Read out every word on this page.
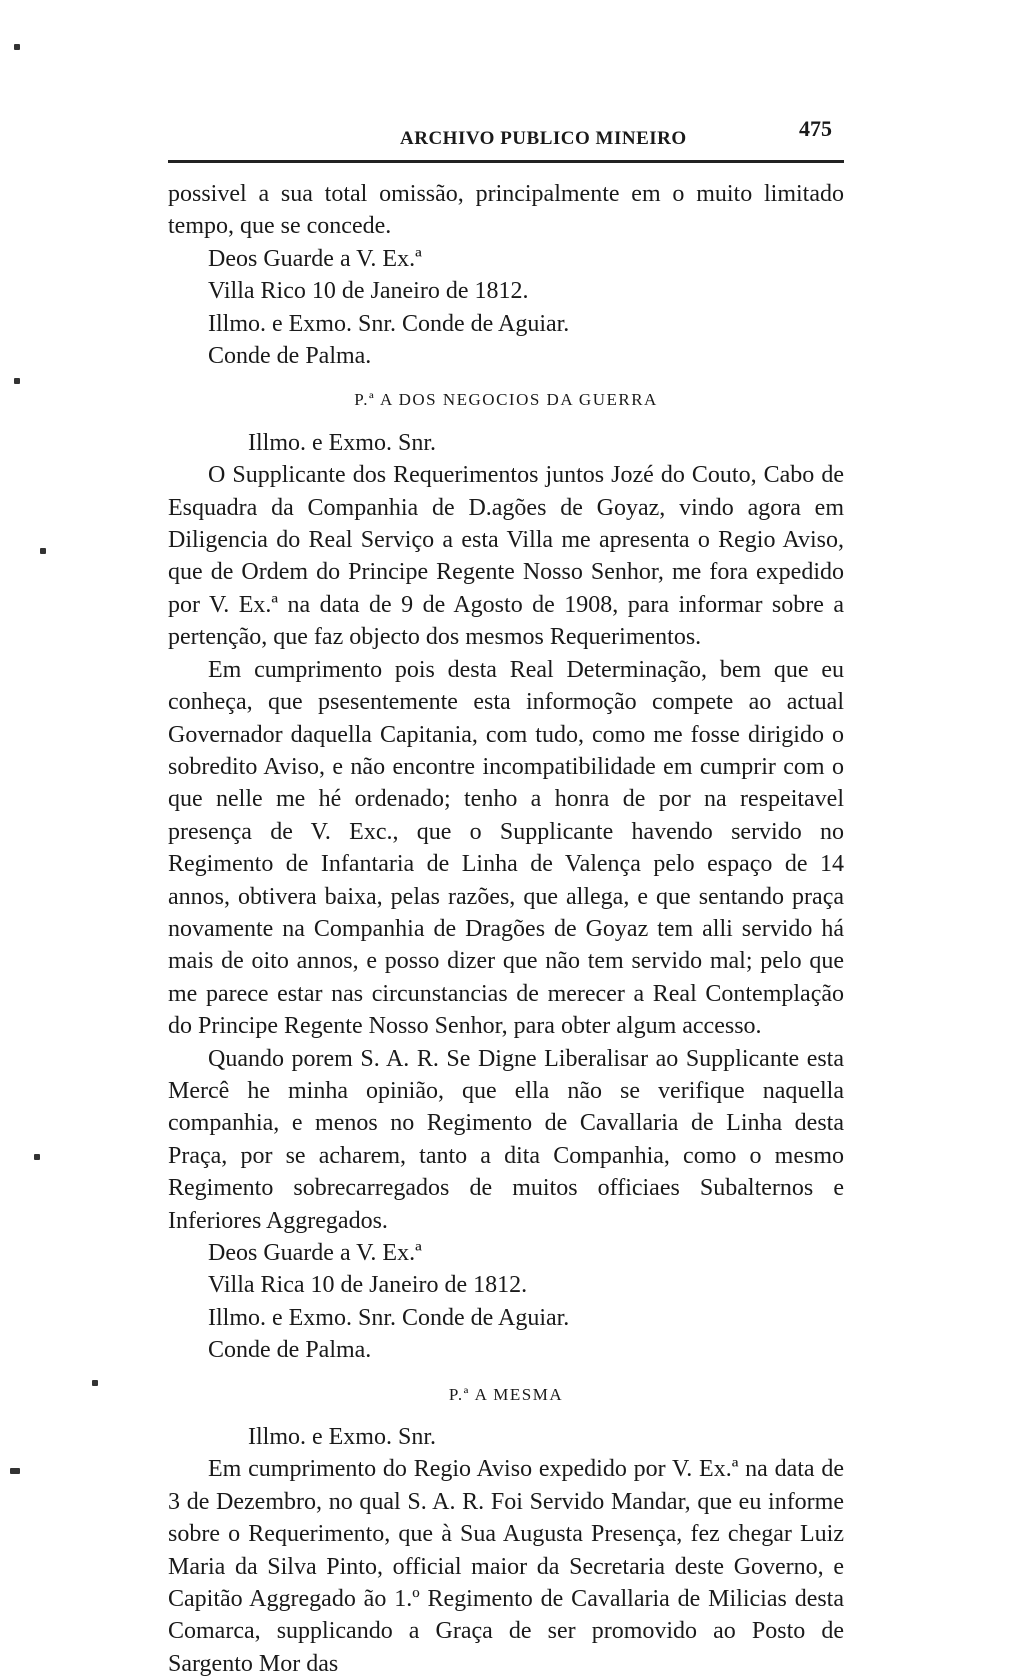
ARCHIVO PUBLICO MINEIRO	475

possivel a sua total omissão, principalmente em o muito limitado tempo, que se concede.

Deos Guarde a V. Ex.ª

Villa Rico 10 de Janeiro de 1812.

Illmo. e Exmo. Snr. Conde de Aguiar.

Conde de Palma.

P.ª A DOS NEGOCIOS DA GUERRA

Illmo. e Exmo. Snr.

O Supplicante dos Requerimentos juntos Jozé do Couto, Cabo de Esquadra da Companhia de D.agões de Goyaz, vindo agora em Diligencia do Real Serviço a esta Villa me apresenta o Regio Aviso, que de Ordem do Principe Regente Nosso Senhor, me fora expedido por V. Ex.ª na data de 9 de Agosto de 1908, para informar sobre a pertenção, que faz objecto dos mesmos Requerimentos.

Em cumprimento pois desta Real Determinação, bem que eu conheça, que psesentemente esta informoção compete ao actual Governador daquella Capitania, com tudo, como me fosse dirigido o sobredito Aviso, e não encontre incompatibilidade em cumprir com o que nelle me hé ordenado; tenho a honra de por na respeitavel presença de V. Exc., que o Supplicante havendo servido no Regimento de Infantaria de Linha de Valença pelo espaço de 14 annos, obtivera baixa, pelas razões, que allega, e que sentando praça novamente na Companhia de Dragões de Goyaz tem alli servido há mais de oito annos, e posso dizer que não tem servido mal; pelo que me parece estar nas circunstancias de merecer a Real Contemplação do Principe Regente Nosso Senhor, para obter algum accesso.

Quando porem S. A. R. Se Digne Liberalisar ao Supplicante esta Mercê he minha opinião, que ella não se verifique naquella companhia, e menos no Regimento de Cavallaria de Linha desta Praça, por se acharem, tanto a dita Companhia, como o mesmo Regimento sobrecarregados de muitos officiaes Subalternos e Inferiores Aggregados.

Deos Guarde a V. Ex.ª

Villa Rica 10 de Janeiro de 1812.

Illmo. e Exmo. Snr. Conde de Aguiar.

Conde de Palma.

P.ª A MESMA

Illmo. e Exmo. Snr.

Em cumprimento do Regio Aviso expedido por V. Ex.ª na data de 3 de Dezembro, no qual S. A. R. Foi Servido Mandar, que eu informe sobre o Requerimento, que à Sua Augusta Presença, fez chegar Luiz Maria da Silva Pinto, official maior da Secretaria deste Governo, e Capitão Aggregado ão 1.º Regimento de Cavallaria de Milicias desta Comarca, supplicando a Graça de ser promovido ao Posto de Sargento Mor das
